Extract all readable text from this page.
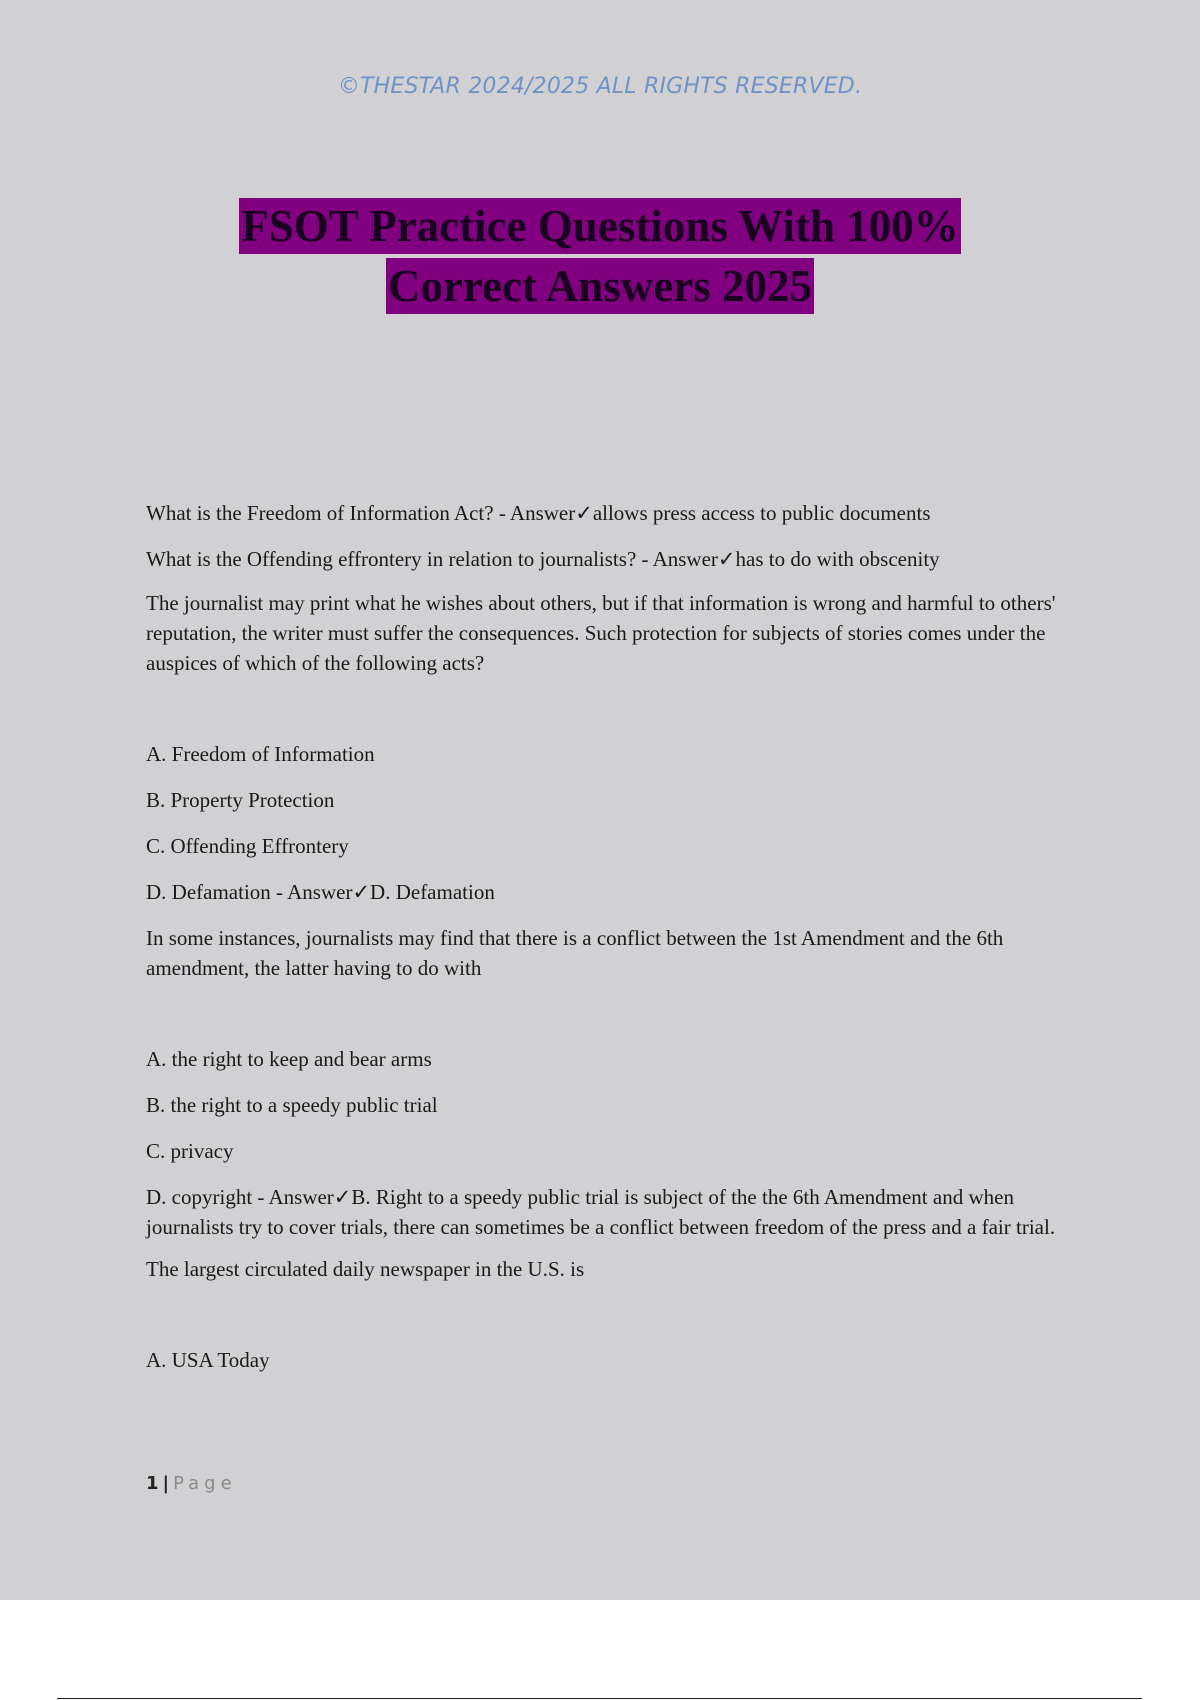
©THESTAR 2024/2025 ALL RIGHTS RESERVED.
FSOT Practice Questions With 100%
Correct Answers 2025

What is the Freedom of Information Act? - Answer✓allows press access to public documents

What is the Offending effrontery in relation to journalists? - Answer✓has to do with obscenity

The journalist may print what he wishes about others, but if that information is wrong and harmful to others' reputation, the writer must suffer the consequences. Such protection for subjects of stories comes under the auspices of which of the following acts?

A. Freedom of Information

B. Property Protection

C. Offending Effrontery

D. Defamation - Answer✓D. Defamation

In some instances, journalists may find that there is a conflict between the 1st Amendment and the 6th amendment, the latter having to do with

A. the right to keep and bear arms

B. the right to a speedy public trial

C. privacy

D. copyright - Answer✓B. Right to a speedy public trial is subject of the the 6th Amendment and when journalists try to cover trials, there can sometimes be a conflict between freedom of the press and a fair trial.

The largest circulated daily newspaper in the U.S. is

A. USA Today

1 | Page
